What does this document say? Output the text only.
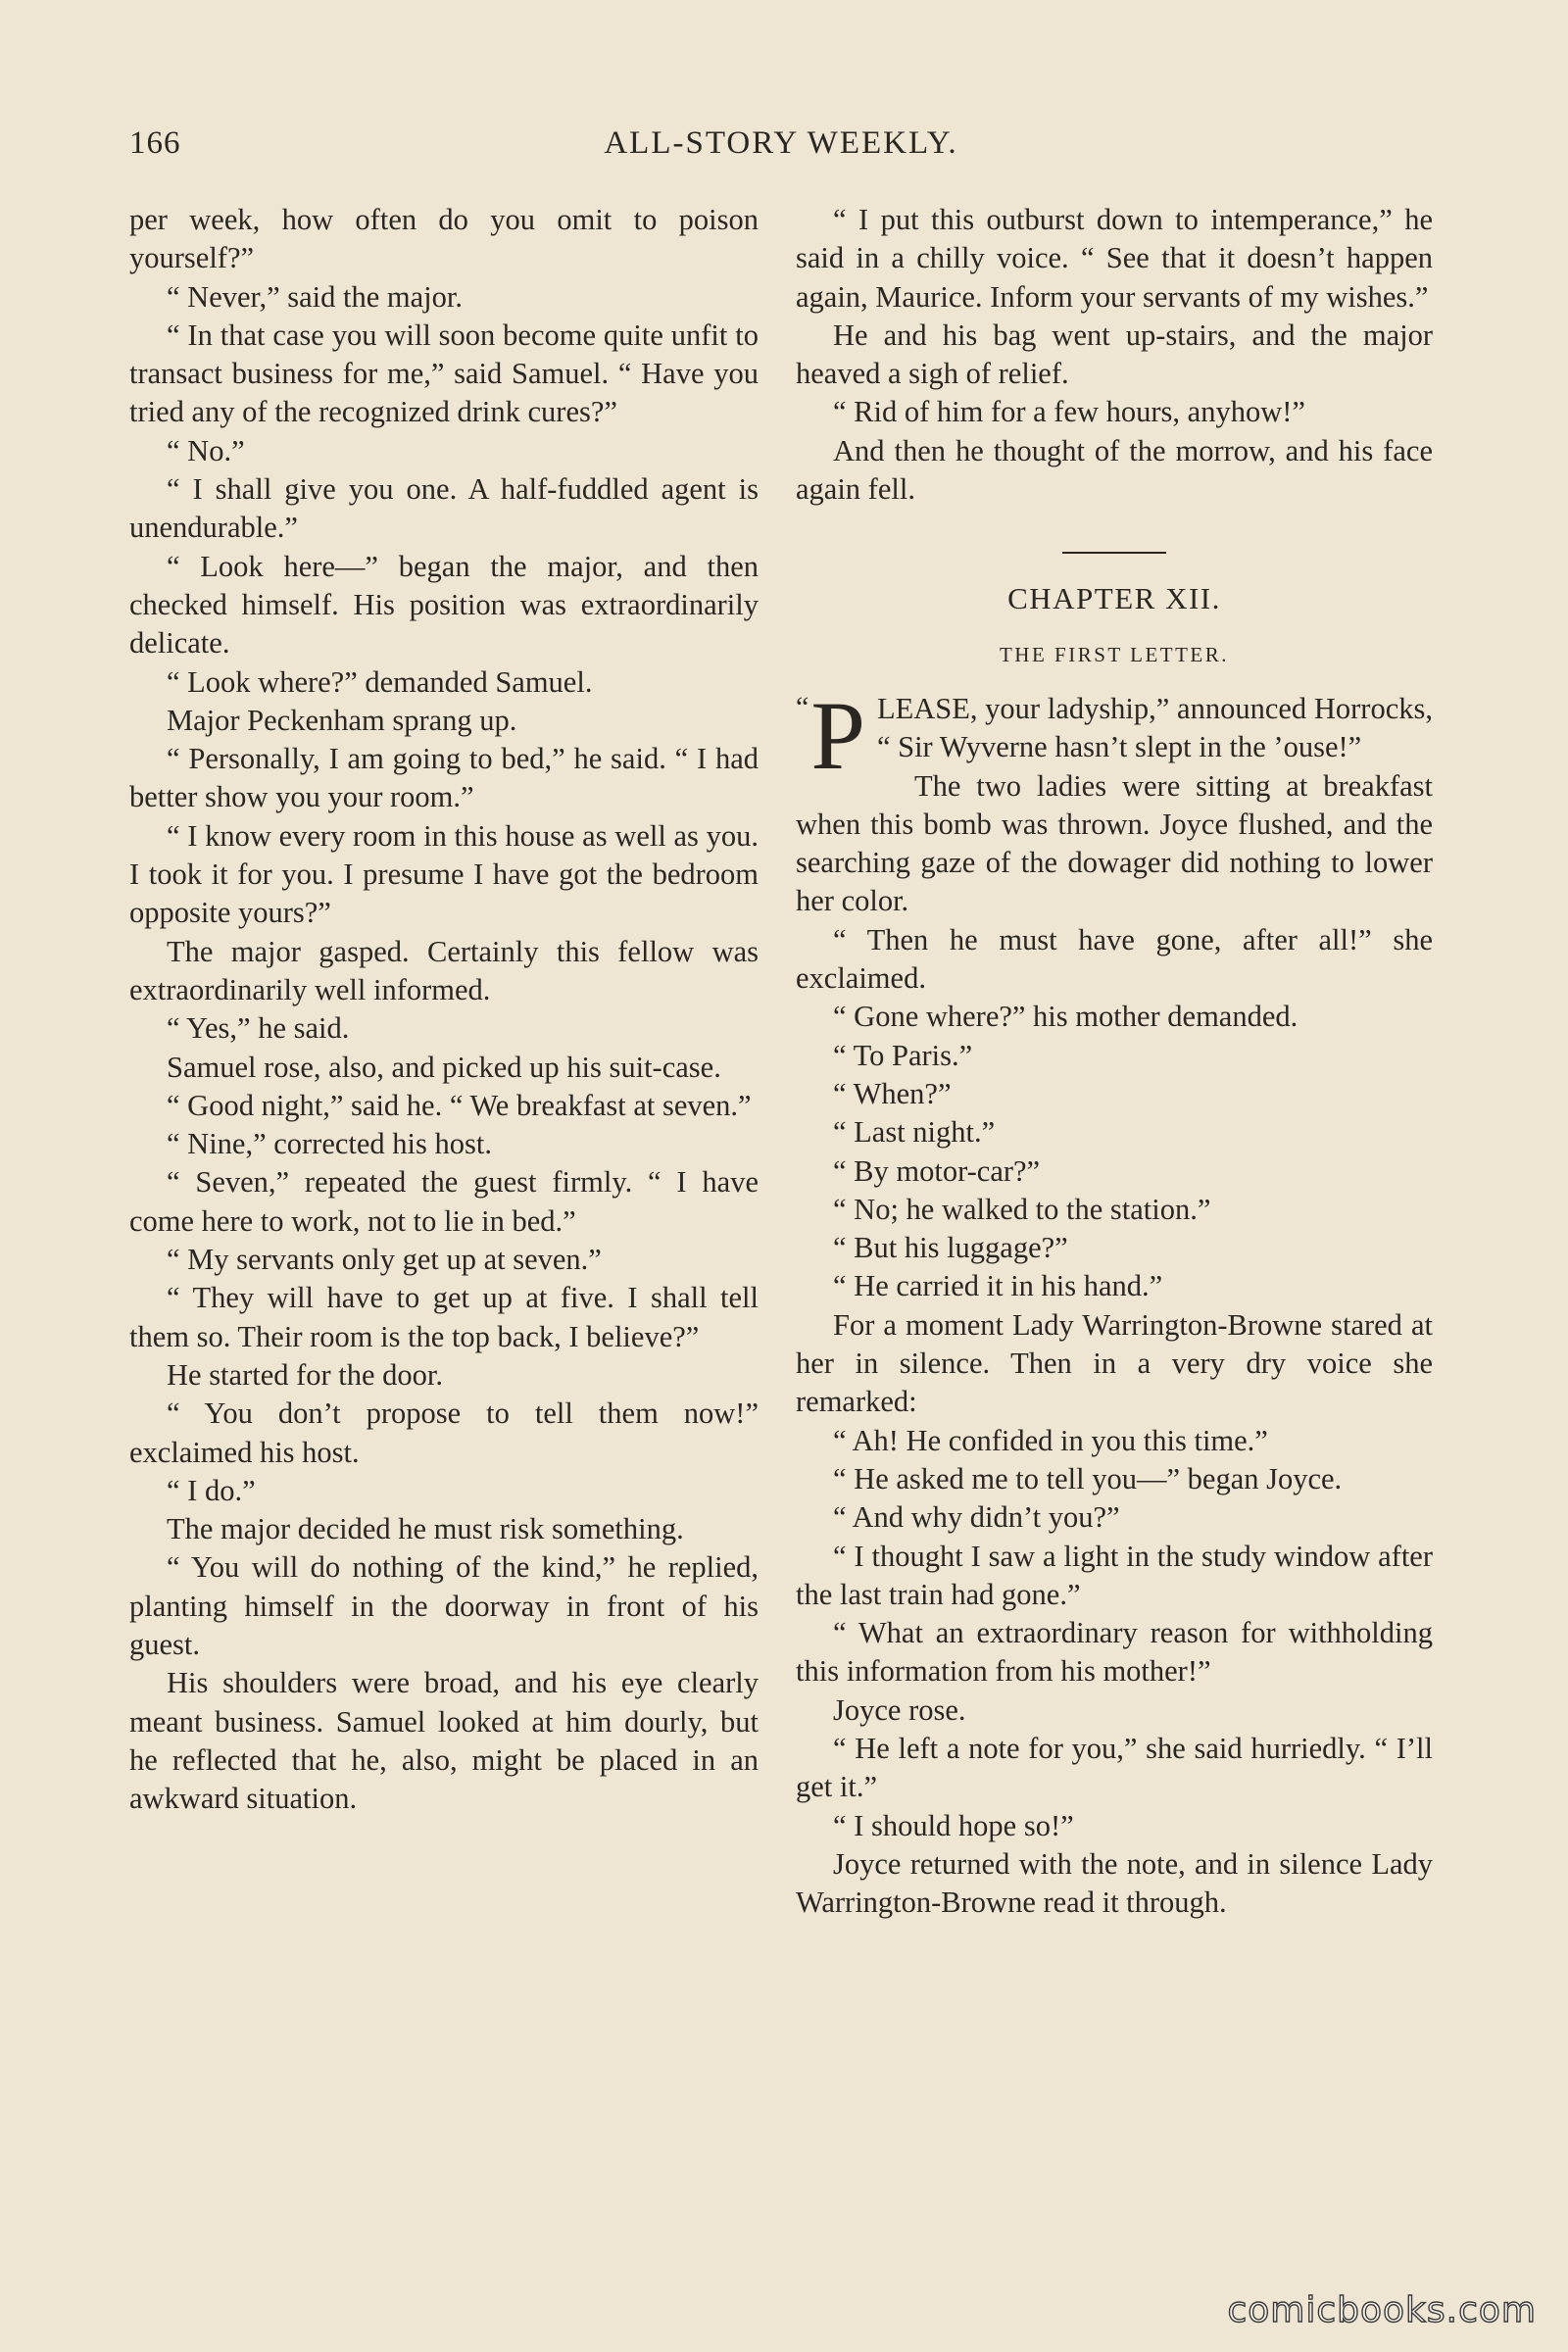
166	ALL-STORY WEEKLY.

per week, how often do you omit to poison yourself?”

“ Never,” said the major.

“ In that case you will soon become quite unfit to transact business for me,” said Samuel. “ Have you tried any of the recognized drink cures?”

“ No.”

“ I shall give you one. A half-fuddled agent is unendurable.”

“ Look here—” began the major, and then checked himself. His position was extraordinarily delicate.

“ Look where?” demanded Samuel.

Major Peckenham sprang up.

“ Personally, I am going to bed,” he said. “ I had better show you your room.”

“ I know every room in this house as well as you. I took it for you. I presume I have got the bedroom opposite yours?”

The major gasped. Certainly this fellow was extraordinarily well informed.

“ Yes,” he said.

Samuel rose, also, and picked up his suit-case.

“ Good night,” said he. “ We breakfast at seven.”

“ Nine,” corrected his host.

“ Seven,” repeated the guest firmly. “ I have come here to work, not to lie in bed.”

“ My servants only get up at seven.”

“ They will have to get up at five. I shall tell them so. Their room is the top back, I believe?”

He started for the door.

“ You don’t propose to tell them now!” exclaimed his host.

“ I do.”

The major decided he must risk something.

“ You will do nothing of the kind,” he replied, planting himself in the doorway in front of his guest.

His shoulders were broad, and his eye clearly meant business. Samuel looked at him dourly, but he reflected that he, also, might be placed in an awkward situation.

“ I put this outburst down to intemperance,” he said in a chilly voice. “ See that it doesn’t happen again, Maurice. Inform your servants of my wishes.”

He and his bag went up-stairs, and the major heaved a sigh of relief.

“ Rid of him for a few hours, anyhow!”

And then he thought of the morrow, and his face again fell.

CHAPTER XII.
THE FIRST LETTER.

“ P LEASE, your ladyship,” announced Horrocks, “ Sir Wyverne hasn’t slept in the ’ouse!”

The two ladies were sitting at breakfast when this bomb was thrown. Joyce flushed, and the searching gaze of the dowager did nothing to lower her color.

“ Then he must have gone, after all!” she exclaimed.

“ Gone where?” his mother demanded.

“ To Paris.”

“ When?”

“ Last night.”

“ By motor-car?”

“ No; he walked to the station.”

“ But his luggage?”

“ He carried it in his hand.”

For a moment Lady Warrington-Browne stared at her in silence. Then in a very dry voice she remarked:

“ Ah! He confided in you this time.”

“ He asked me to tell you—” began Joyce.

“ And why didn’t you?”

“ I thought I saw a light in the study window after the last train had gone.”

“ What an extraordinary reason for withholding this information from his mother!”

Joyce rose.

“ He left a note for you,” she said hurriedly. “ I’ll get it.”

“ I should hope so!”

Joyce returned with the note, and in silence Lady Warrington-Browne read it through.

comicbooks.com
